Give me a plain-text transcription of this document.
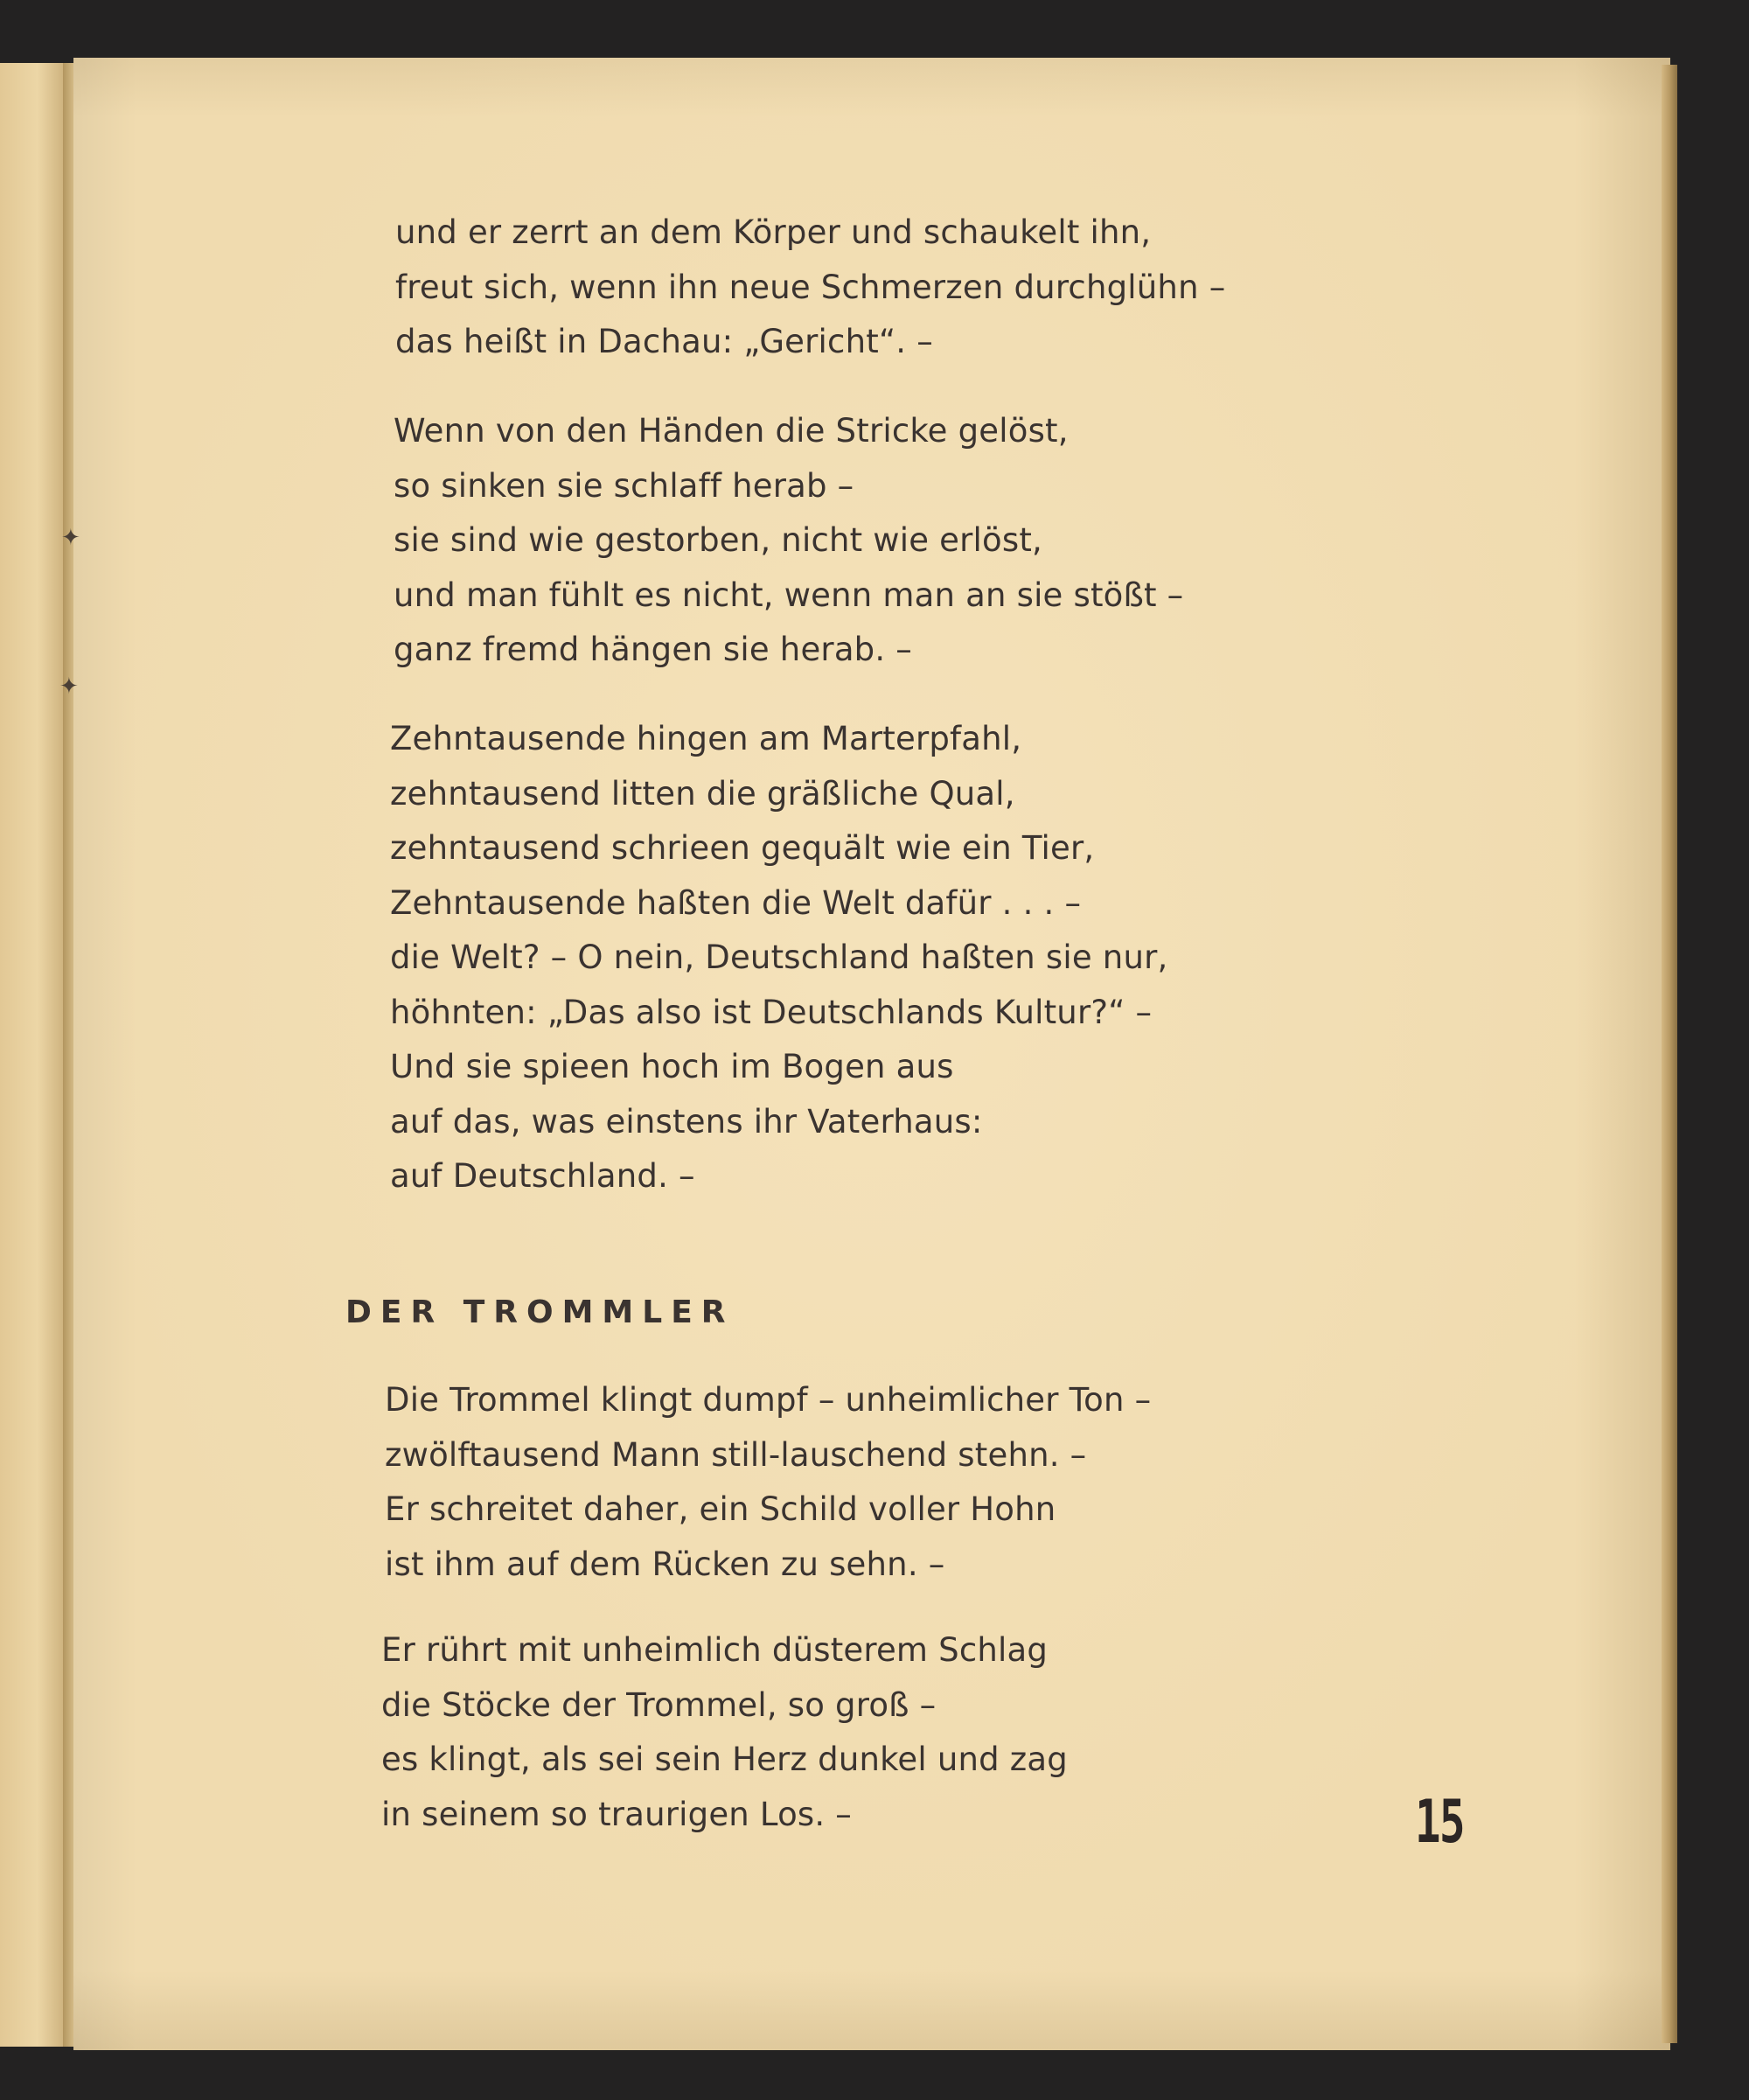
✦
✦
und er zerrt an dem Körper und schaukelt ihn,
freut sich, wenn ihn neue Schmerzen durchglühn –
das heißt in Dachau: „Gericht“. –
Wenn von den Händen die Stricke gelöst,
so sinken sie schlaff herab –
sie sind wie gestorben, nicht wie erlöst,
und man fühlt es nicht, wenn man an sie stößt –
ganz fremd hängen sie herab. –
Zehntausende hingen am Marterpfahl,
zehntausend litten die gräßliche Qual,
zehntausend schrieen gequält wie ein Tier,
Zehntausende haßten die Welt dafür . . . –
die Welt? – O nein, Deutschland haßten sie nur,
höhnten: „Das also ist Deutschlands Kultur?“ –
Und sie spieen hoch im Bogen aus
auf das, was einstens ihr Vaterhaus:
auf Deutschland. –
DER TROMMLER
Die Trommel klingt dumpf – unheimlicher Ton –
zwölftausend Mann still-lauschend stehn. –
Er schreitet daher, ein Schild voller Hohn
ist ihm auf dem Rücken zu sehn. –
Er rührt mit unheimlich düsterem Schlag
die Stöcke der Trommel, so groß –
es klingt, als sei sein Herz dunkel und zag
in seinem so traurigen Los. –	15
